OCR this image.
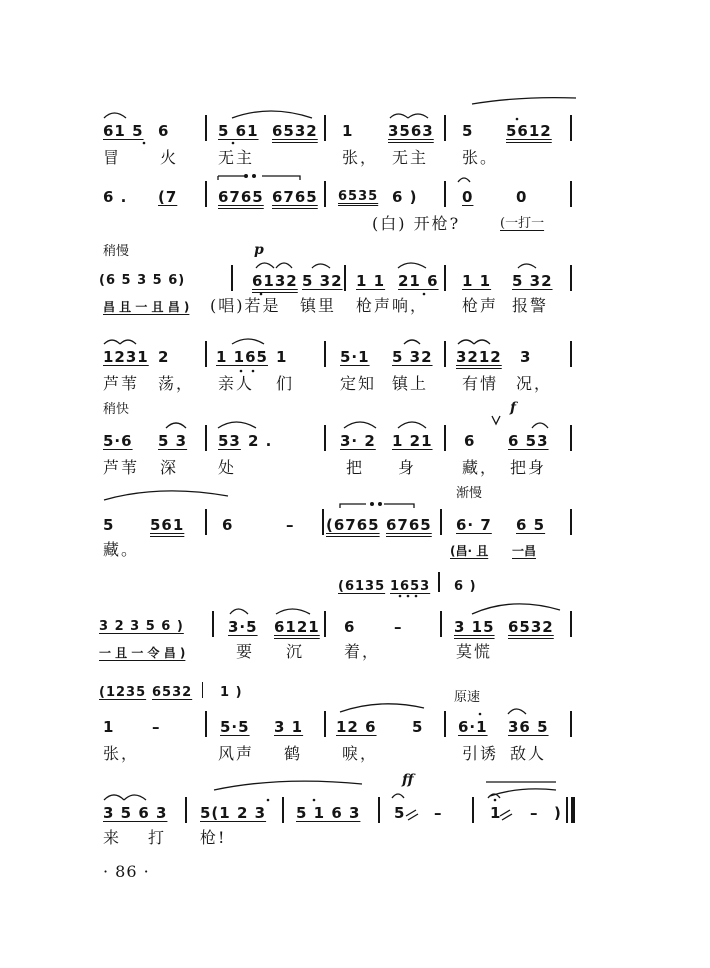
61 5 6	5 61 6532 1 3563 5 5612
冒 火 无主	张， 无主 张。
6 . (7	6765 6765 6535 6 )	0	0
(白) 开枪?	(一打一
稍慢	p
(6 5 3 5 6)	6132 5 32 1 1 21 6 1 1 5 32
昌 且 一 且 昌 ) (唱)若是 镇里 枪声响， 枪声 报警
1231 2	1 165 1	5·1 5 32 3212 3
芦苇 荡， 亲人 们	定知 镇上 有情 况，
稍快	f
5·6 5 3 53 2 .	3· 2 1 21 6 6 53
芦苇 深 处	把 身	藏， 把身
渐慢
5 561	6	– (6765 6765 6· 7 6 5
藏。	(昌· 且 一昌
(6135 1653 6 )
3 2 3 5 6 )	3·5 6121 6	–	3 15 6532
一 且 一 令 昌 )	要 沉 着，	莫慌
(1235 6532 1 )	原速
1	–	5·5 3 1 12 6 5 6·1 36 5
张，	风声 鹤 唳，	引诱 敌人
ff
3 5 6 3 5(1 2 3 5 1 6 3 5 –	1 – )
来 打 枪!
· 86 ·
